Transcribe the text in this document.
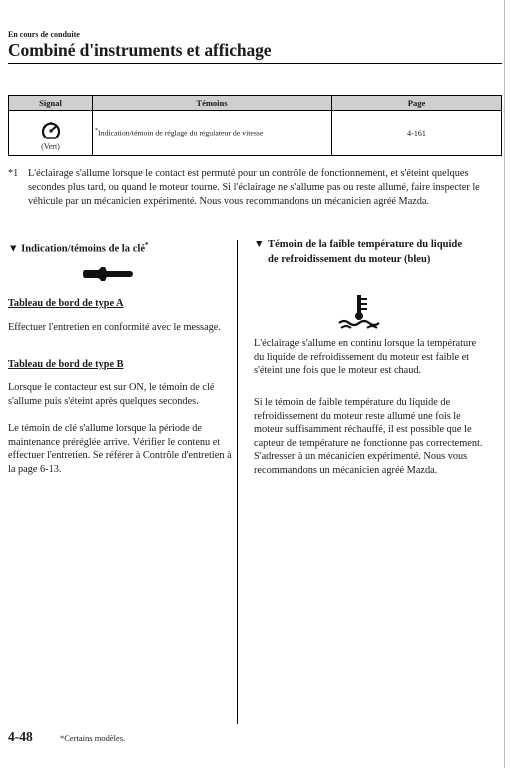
En cours de conduite
Combiné d'instruments et affichage
Signal	Témoins	Page

(Vert)	*Indication/témoin de réglage du régulateur de vitesse	4-161
*1 L'éclairage s'allume lorsque le contact est permuté pour un contrôle de fonctionnement, et s'éteint quelques secondes plus tard, ou quand le moteur tourne. Si l'éclairage ne s'allume pas ou reste allumé, faire inspecter le véhicule par un mécanicien expérimenté. Nous vous recommandons un mécanicien agréé Mazda.
▼ Indication/témoins de la clé*
Tableau de bord de type A
Effectuer l'entretien en conformité avec le message.
Tableau de bord de type B
Lorsque le contacteur est sur ON, le témoin de clé s'allume puis s'éteint après quelques secondes.
Le témoin de clé s'allume lorsque la période de maintenance préréglée arrive. Vérifier le contenu et effectuer l'entretien. Se référer à Contrôle d'entretien à la page 6-13.
▼ Témoin de la faible température du liquide de refroidissement du moteur (bleu)
L'éclairage s'allume en continu lorsque la température du liquide de refroidissement du moteur est faible et s'éteint une fois que le moteur est chaud.
Si le témoin de faible température du liquide de refroidissement du moteur reste allumé une fois le moteur suffisamment réchauffé, il est possible que le capteur de température ne fonctionne pas correctement. S'adresser à un mécanicien expérimenté. Nous vous recommandons un mécanicien agréé Mazda.
4-48	*Certains modèles.
